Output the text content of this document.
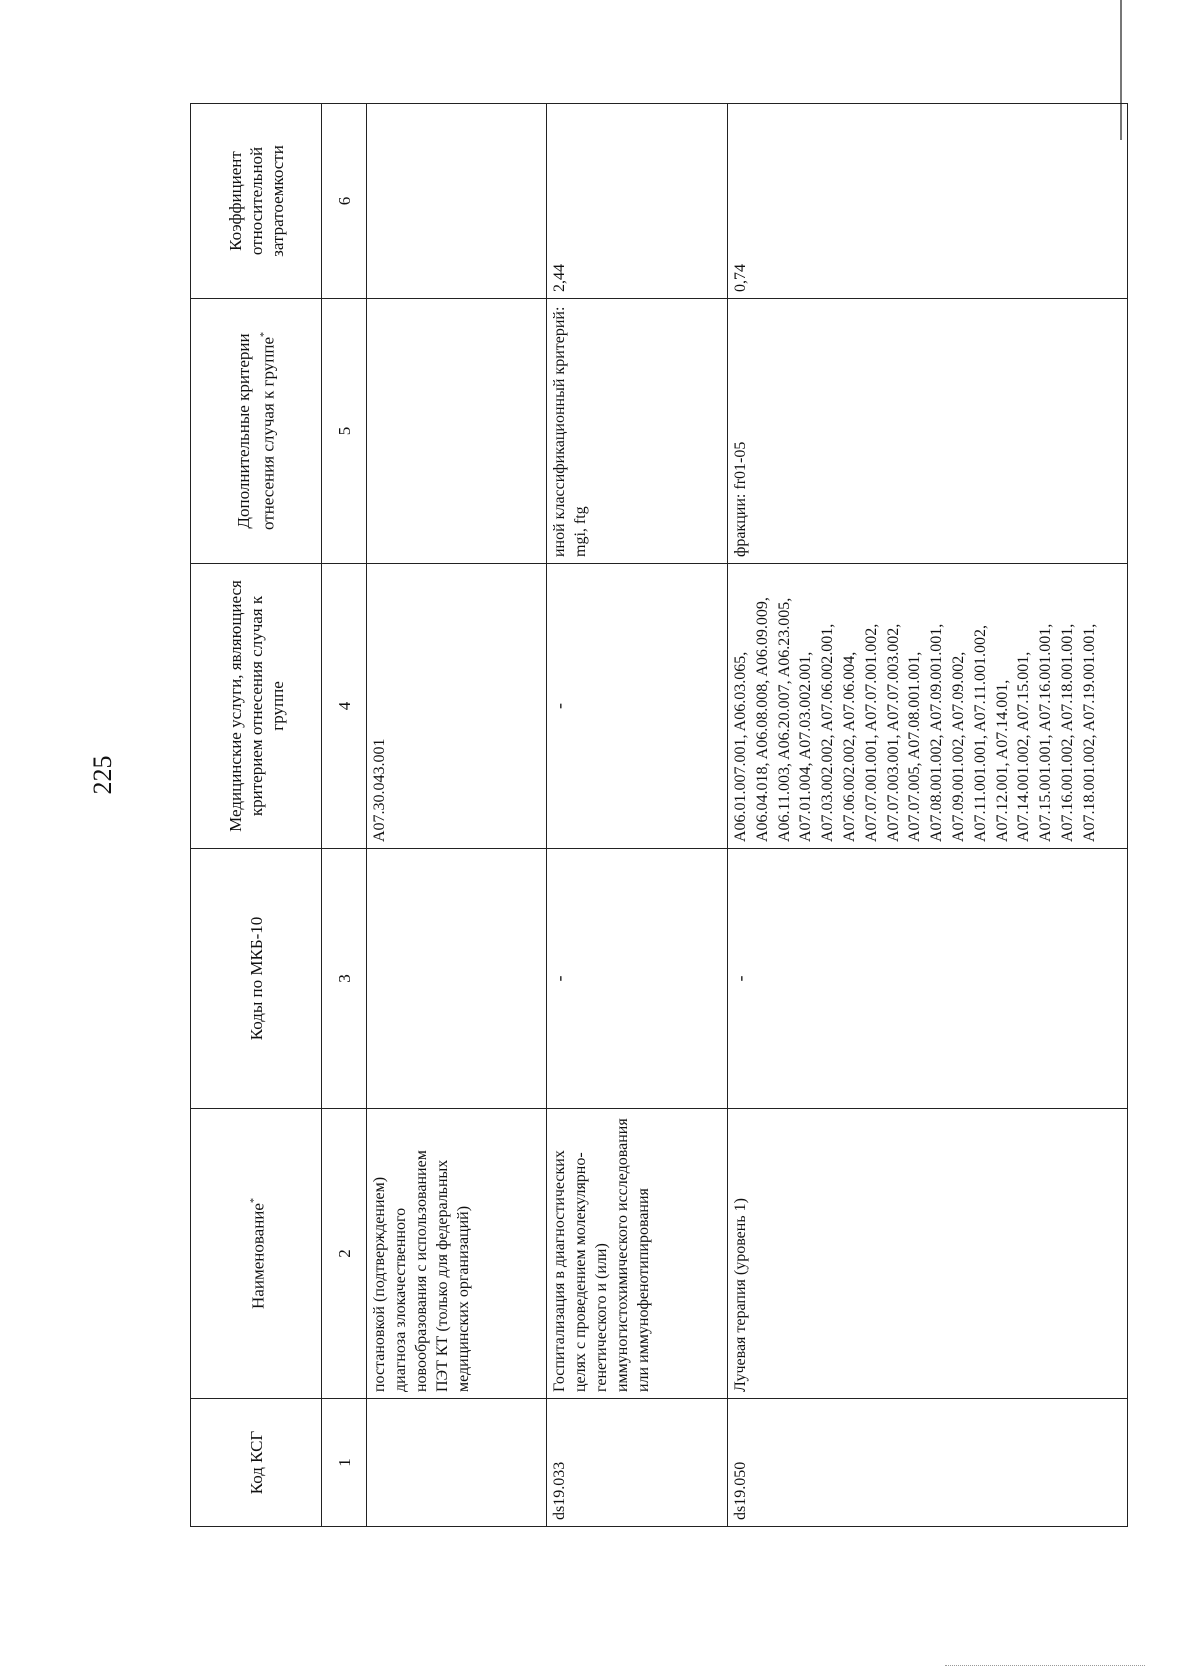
225
Код КСГ	Наименование*	Коды по МКБ-10	Медицинские услуги, являющиеся критерием отнесения случая к группе	Дополнительные критерии отнесения случая к группе*	Коэффициент относительной затратоемкости
1	2	3	4	5	6
	постановкой (подтверждением) диагноза злокачественного новообразования с использованием ПЭТ КТ (только для федеральных медицинских организаций)		A07.30.043.001		
ds19.033	Госпитализация в диагностических целях с проведением молекулярно-генетического и (или) иммуногистохимического исследования или иммунофенотипирования	-	-	иной классификационный критерий: mgi, ftg	2,44
ds19.050	Лучевая терапия (уровень 1)	-	A06.01.007.001, A06.03.065, A06.04.018, A06.08.008, A06.09.009, A06.11.003, A06.20.007, A06.23.005, A07.01.004, A07.03.002.001, A07.03.002.002, A07.06.002.001, A07.06.002.002, A07.06.004, A07.07.001.001, A07.07.001.002, A07.07.003.001, A07.07.003.002, A07.07.005, A07.08.001.001, A07.08.001.002, A07.09.001.001, A07.09.001.002, A07.09.002, A07.11.001.001, A07.11.001.002, A07.12.001, A07.14.001, A07.14.001.002, A07.15.001, A07.15.001.001, A07.16.001.001, A07.16.001.002, A07.18.001.001, A07.18.001.002, A07.19.001.001,	фракции: fr01-05	0,74
